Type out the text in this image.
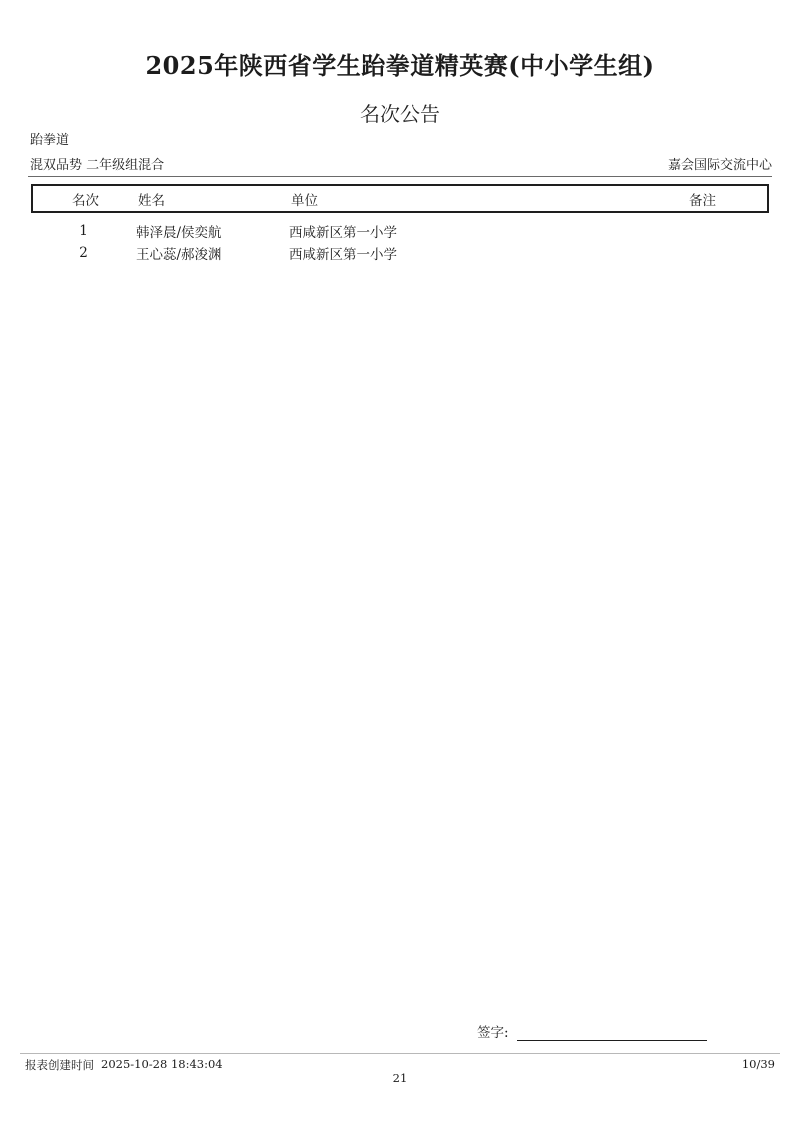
2025年陕西省学生跆拳道精英赛(中小学生组)
名次公告
跆拳道
混双品势 二年级组混合	嘉会国际交流中心
名次	姓名	单位	备注
1	韩泽晨/侯奕航	西咸新区第一小学
2	王心蕊/郝浚渊	西咸新区第一小学
签字:
报表创建时间 2025-10-28 18:43:04	10/39
21
